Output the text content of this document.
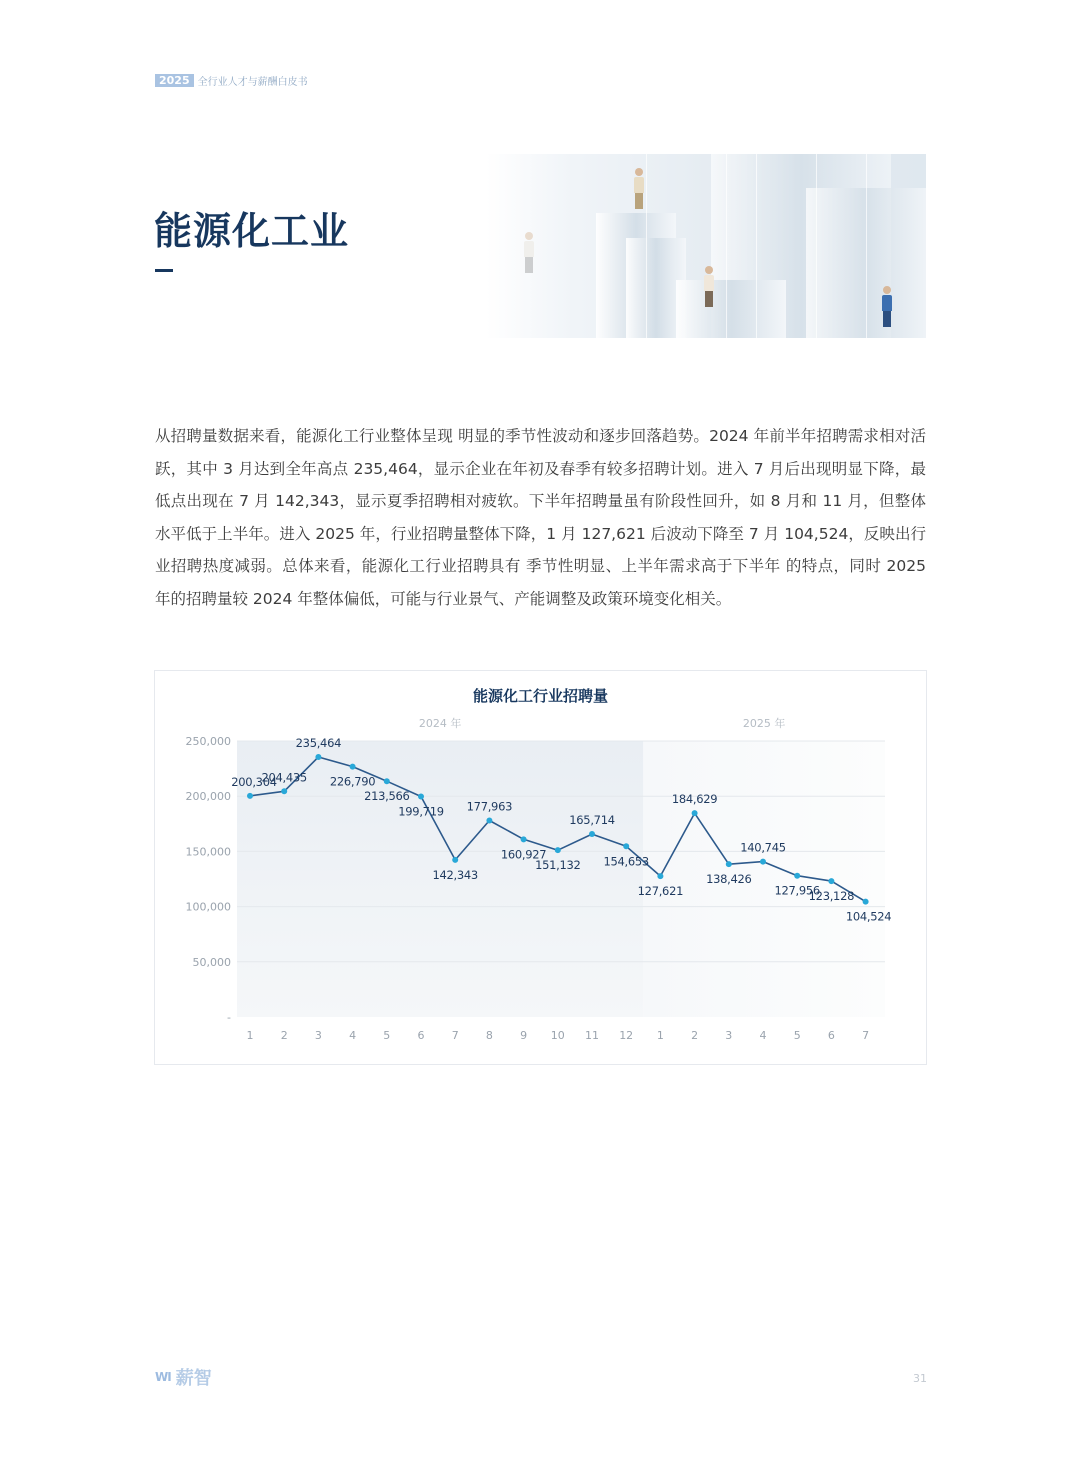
2025 全行业人才与薪酬白皮书
能源化工业

从招聘量数据来看，能源化工行业整体呈现 明显的季节性波动和逐步回落趋势。2024 年前半年招聘需求相对活跃，其中 3 月达到全年高点 235,464，显示企业在年初及春季有较多招聘计划。进入 7 月后出现明显下降，最低点出现在 7 月 142,343，显示夏季招聘相对疲软。下半年招聘量虽有阶段性回升，如 8 月和 11 月，但整体水平低于上半年。进入 2025 年，行业招聘量整体下降，1 月 127,621 后波动下降至 7 月 104,524，反映出行业招聘热度减弱。总体来看，能源化工行业招聘具有 季节性明显、上半年需求高于下半年 的特点，同时 2025 年的招聘量较 2024 年整体偏低，可能与行业景气、产能调整及政策环境变化相关。

能源化工行业招聘量
2024 年	2025 年
-
50,000
100,000
150,000
200,000
250,000
1 2 3 4 5 6 7 8 9 10 11 12 1 2 3 4 5 6 7
200,304
204,435
235,464
226,790
213,566
199,719
142,343
177,963
160,927
151,132
165,714
154,653
127,621
184,629
138,426
140,745
127,956
123,128
104,524
WI 薪智	31
